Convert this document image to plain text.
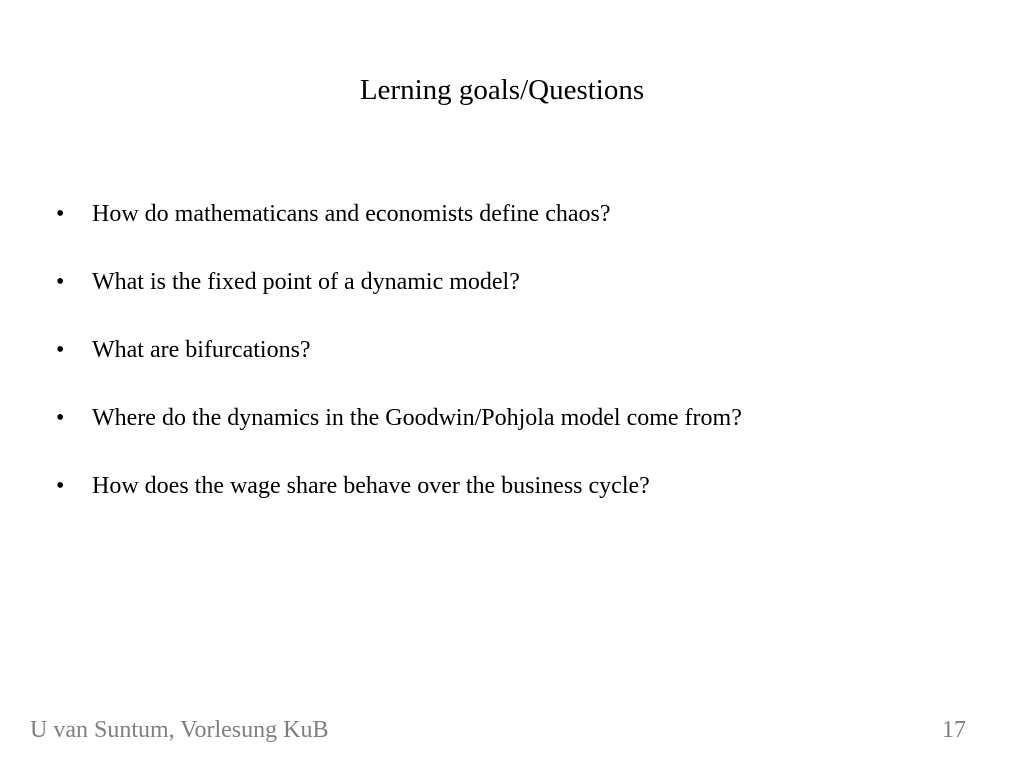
Lerning goals/Questions
•	How do mathematicans and economists define chaos?
•	What is the fixed point of a dynamic model?
•	What are bifurcations?
•	Where do the dynamics in the Goodwin/Pohjola model come from?
•	How does the wage share behave over the business cycle?
U van Suntum, Vorlesung KuB	17
